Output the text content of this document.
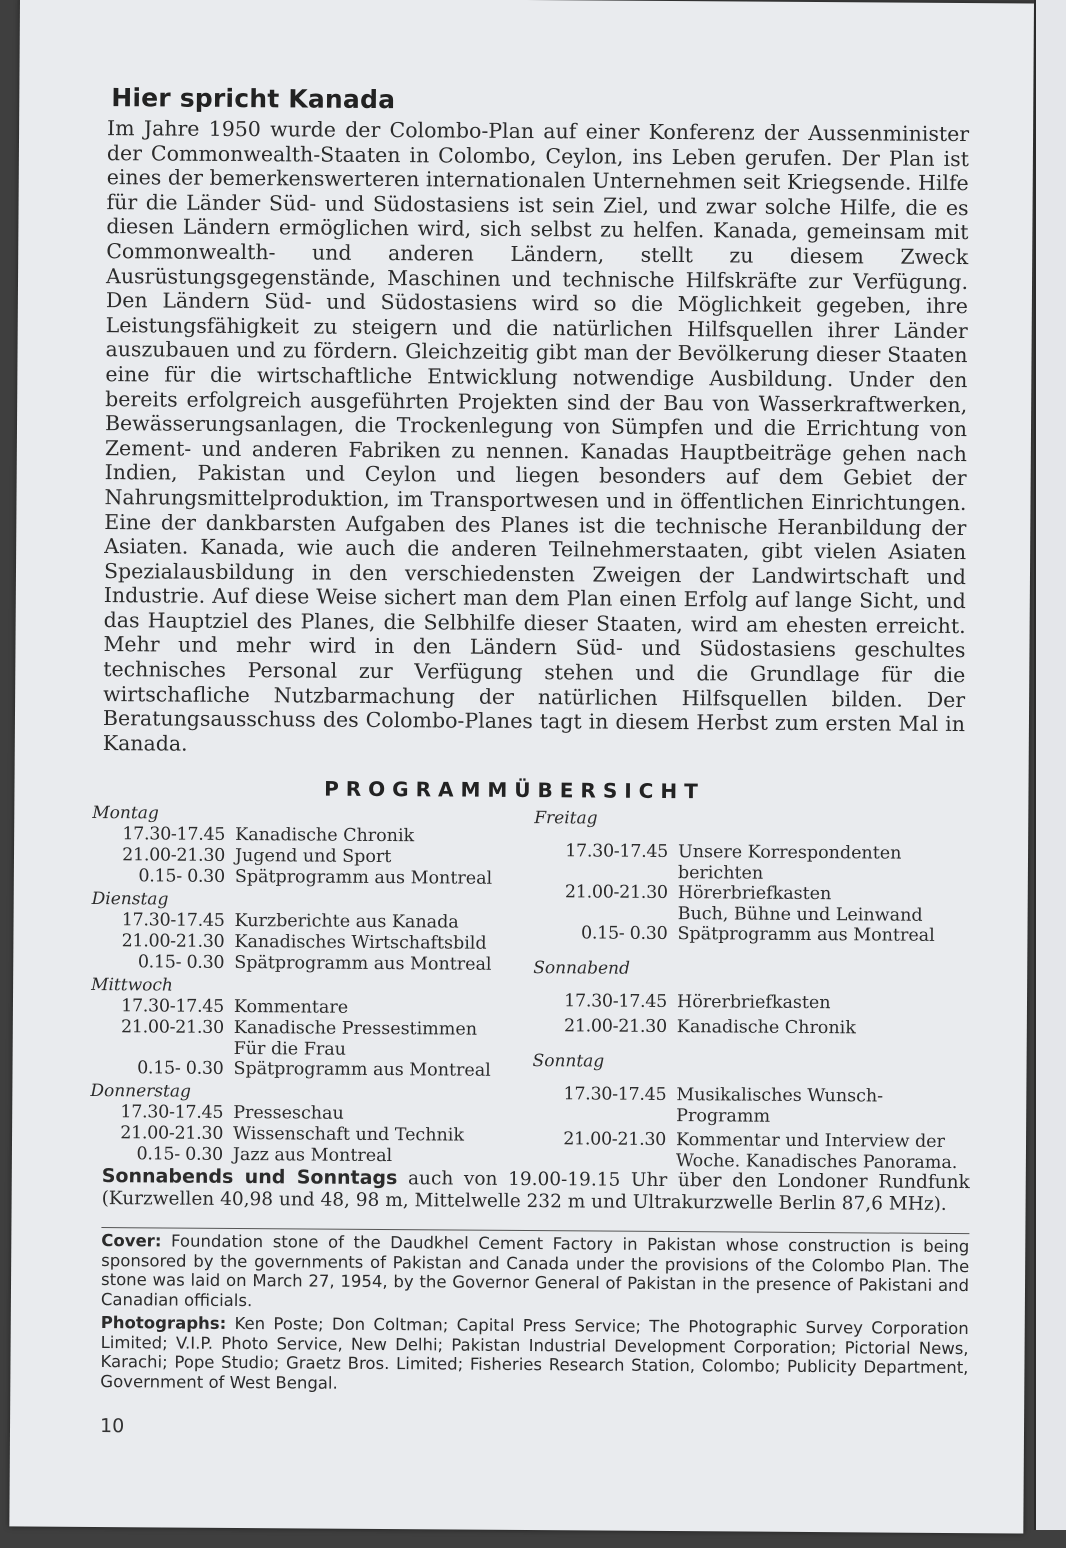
Hier spricht Kanada

Im Jahre 1950 wurde der Colombo-Plan auf einer Konferenz der Aussenminister der Commonwealth-Staaten in Colombo, Ceylon, ins Leben gerufen. Der Plan ist eines der bemerkenswerteren internationalen Unternehmen seit Kriegsende. Hilfe für die Länder Süd- und Südostasiens ist sein Ziel, und zwar solche Hilfe, die es diesen Ländern ermöglichen wird, sich selbst zu helfen. Kanada, gemeinsam mit Commonwealth- und anderen Ländern, stellt zu diesem Zweck Ausrüstungsgegenstände, Maschinen und technische Hilfskräfte zur Verfügung. Den Ländern Süd- und Südostasiens wird so die Möglichkeit gegeben, ihre Leistungsfähigkeit zu steigern und die natürlichen Hilfsquellen ihrer Länder auszubauen und zu fördern. Gleichzeitig gibt man der Bevölkerung dieser Staaten eine für die wirtschaftliche Entwicklung notwendige Ausbildung. Under den bereits erfolgreich ausgeführten Projekten sind der Bau von Wasserkraftwerken, Bewässerungsanlagen, die Trockenlegung von Sümpfen und die Errichtung von Zement- und anderen Fabriken zu nennen. Kanadas Hauptbeiträge gehen nach Indien, Pakistan und Ceylon und liegen besonders auf dem Gebiet der Nahrungsmittelproduktion, im Transportwesen und in öffentlichen Einrichtungen. Eine der dankbarsten Aufgaben des Planes ist die technische Heranbildung der Asiaten. Kanada, wie auch die anderen Teilnehmerstaaten, gibt vielen Asiaten Spezialausbildung in den verschiedensten Zweigen der Landwirtschaft und Industrie. Auf diese Weise sichert man dem Plan einen Erfolg auf lange Sicht, und das Hauptziel des Planes, die Selbhilfe dieser Staaten, wird am ehesten erreicht. Mehr und mehr wird in den Ländern Süd- und Südostasiens geschultes technisches Personal zur Verfügung stehen und die Grundlage für die wirtschafliche Nutzbarmachung der natürlichen Hilfsquellen bilden. Der Beratungsausschuss des Colombo-Planes tagt in diesem Herbst zum ersten Mal in Kanada.

PROGRAMMÜBERSICHT
Montag
17.30-17.45 Kanadische Chronik
21.00-21.30 Jugend und Sport
0.15- 0.30 Spätprogramm aus Montreal
Dienstag
17.30-17.45 Kurzberichte aus Kanada
21.00-21.30 Kanadisches Wirtschaftsbild
0.15- 0.30 Spätprogramm aus Montreal
Mittwoch
17.30-17.45 Kommentare
21.00-21.30 Kanadische Pressestimmen
Für die Frau
0.15- 0.30 Spätprogramm aus Montreal
Donnerstag
17.30-17.45 Presseschau
21.00-21.30 Wissenschaft und Technik
0.15- 0.30 Jazz aus Montreal
Freitag
17.30-17.45 Unsere Korrespondenten
berichten
21.00-21.30 Hörerbriefkasten
Buch, Bühne und Leinwand
0.15- 0.30 Spätprogramm aus Montreal
Sonnabend
17.30-17.45 Hörerbriefkasten
21.00-21.30 Kanadische Chronik
Sonntag
17.30-17.45 Musikalisches Wunsch-
Programm
21.00-21.30 Kommentar und Interview der
Woche. Kanadisches Panorama.

Sonnabends und Sonntags auch von 19.00-19.15 Uhr über den Londoner Rundfunk (Kurzwellen 40,98 und 48, 98 m, Mittelwelle 232 m und Ultrakurzwelle Berlin 87,6 MHz).

Cover: Foundation stone of the Daudkhel Cement Factory in Pakistan whose construction is being sponsored by the governments of Pakistan and Canada under the provisions of the Colombo Plan. The stone was laid on March 27, 1954, by the Governor General of Pakistan in the presence of Pakistani and Canadian officials.

Photographs: Ken Poste; Don Coltman; Capital Press Service; The Photographic Survey Corporation Limited; V.I.P. Photo Service, New Delhi; Pakistan Industrial Development Corporation; Pictorial News, Karachi; Pope Studio; Graetz Bros. Limited; Fisheries Research Station, Colombo; Publicity Department, Government of West Bengal.

10
